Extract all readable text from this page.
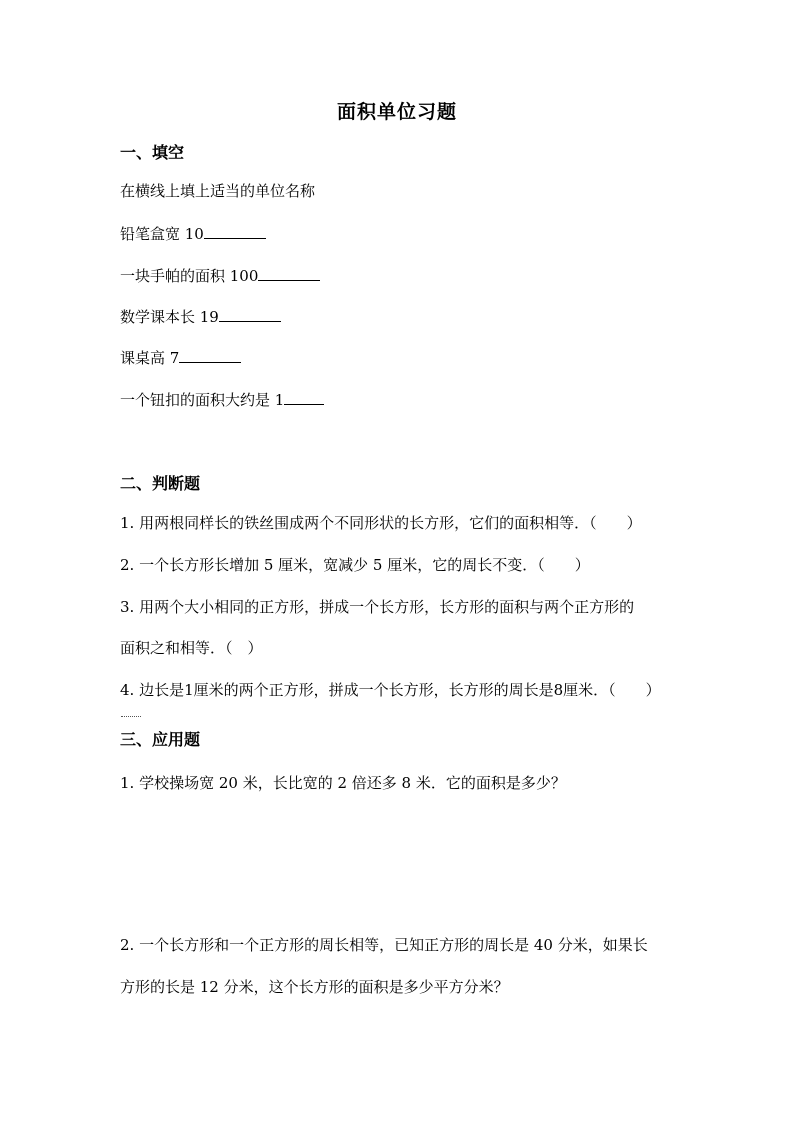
面积单位习题
一、填空
在横线上填上适当的单位名称
铅笔盒宽 10
一块手帕的面积 100
数学课本长 19
课桌高 7
一个钮扣的面积大约是 1
二、判断题
1. 用两根同样长的铁丝围成两个不同形状的长方形，它们的面积相等．（　　）
2. 一个长方形长增加 5 厘米，宽减少 5 厘米，它的周长不变．（　　）
3. 用两个大小相同的正方形，拼成一个长方形，长方形的面积与两个正方形的
面积之和相等．（　）
4. 边长是1厘米的两个正方形，拼成一个长方形，长方形的周长是8厘米．（　　）
三、应用题
1. 学校操场宽 20 米，长比宽的 2 倍还多 8 米．它的面积是多少？
2. 一个长方形和一个正方形的周长相等，已知正方形的周长是 40 分米，如果长
方形的长是 12 分米，这个长方形的面积是多少平方分米？
